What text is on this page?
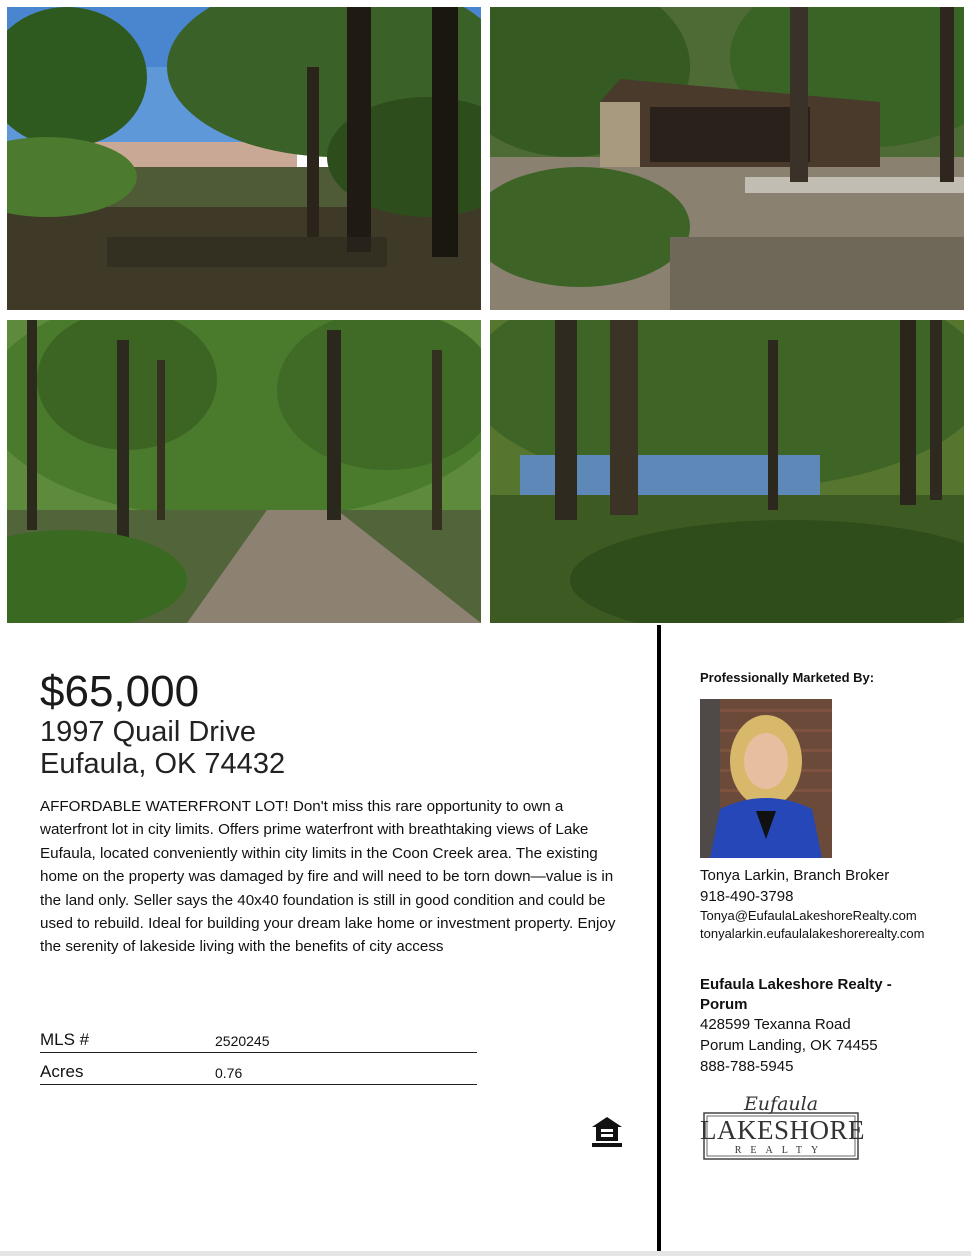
$65,000
1997 Quail Drive
Eufaula, OK 74432
AFFORDABLE WATERFRONT LOT! Don't miss this rare opportunity to own a waterfront lot in city limits. Offers prime waterfront with breathtaking views of Lake Eufaula, located conveniently within city limits in the Coon Creek area. The existing home on the property was damaged by fire and will need to be torn down—value is in the land only. Seller says the 40x40 foundation is still in good condition and could be used to rebuild. Ideal for building your dream lake home or investment property. Enjoy the serenity of lakeside living with the benefits of city access
MLS #	2520245
Acres	0.76
Professionally Marketed By:
Tonya Larkin, Branch Broker
918-490-3798
Tonya@EufaulaLakeshoreRealty.com
tonyalarkin.eufaulalakeshorerealty.com
Eufaula Lakeshore Realty - Porum
428599 Texanna Road
Porum Landing, OK 74455
888-788-5945
Eufaula
LAKESHORE
REALTY
